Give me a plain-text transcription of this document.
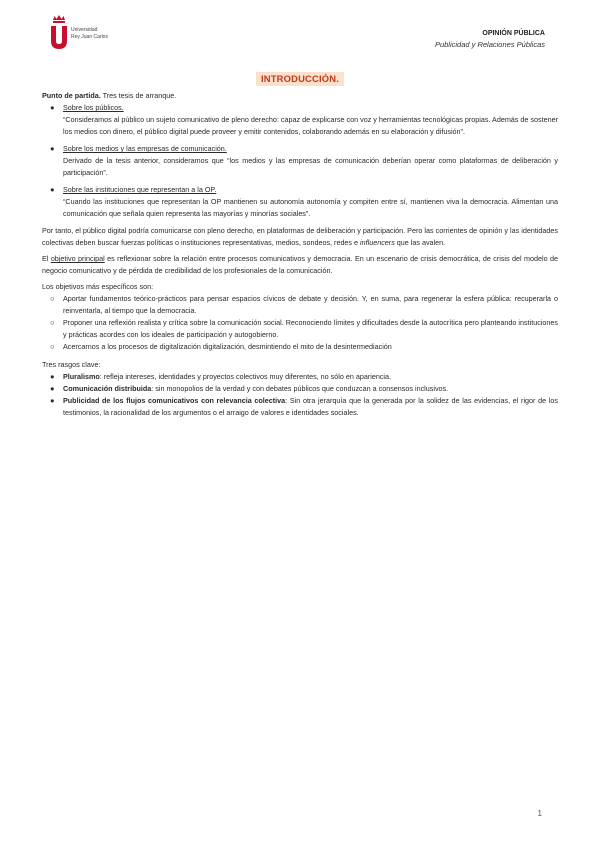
Universidad
Rey Juan Carlos	OPINIÓN PÚBLICA
Publicidad y Relaciones Públicas
INTRODUCCIÓN.

Punto de partida. Tres tesis de arranque.

● Sobre los públicos.
“Consideramos al público un sujeto comunicativo de pleno derecho: capaz de explicarse con voz y herramientas tecnológicas propias. Además de sostener los medios con dinero, el público digital puede proveer y emitir contenidos, colaborando además en su elaboración y difusión”.
● Sobre los medios y las empresas de comunicación.
Derivado de la tesis anterior, consideramos que “los medios y las empresas de comunicación deberían operar como plataformas de deliberación y participación”.
● Sobre las instituciones que representan a la OP.
“Cuando las instituciones que representan la OP mantienen su autonomía autonomía y compiten entre sí, mantienen viva la democracia. Alimentan una comunicación que señala quien representa las mayorías y minorías sociales”.

Por tanto, el público digital podría comunicarse con pleno derecho, en plataformas de deliberación y participación. Pero las corrientes de opinión y las identidades colectivas deben buscar fuerzas políticas o instituciones representativas, medios, sondeos, redes e influencers que las avalen.

El objetivo principal es reflexionar sobre la relación entre procesos comunicativos y democracia. En un escenario de crisis democrática, de crisis del modelo de negocio comunicativo y de pérdida de credibilidad de los profesionales de la comunicación.

Los objetivos más específicos son:

○ Aportar fundamentos teórico-prácticos para pensar espacios cívicos de debate y decisión. Y, en suma, para regenerar la esfera pública: recuperarla o reinventarla, al tiempo que la democracia.
○ Proponer una reflexión realista y crítica sobre la comunicación social. Reconociendo límites y dificultades desde la autocrítica pero planteando instituciones y prácticas acordes con los ideales de participación y autogobierno.
○ Acercarnos a los procesos de digitalización digitalización, desmintiendo el mito de la desintermediación

Tres rasgos clave:

● Pluralismo: refleja intereses, identidades y proyectos colectivos muy diferentes, no sólo en apariencia.
● Comunicación distribuida: sin monopolios de la verdad y con debates públicos que conduzcan a consensos inclusivos.
● Publicidad de los flujos comunicativos con relevancia colectiva: Sin otra jerarquía que la generada por la solidez de las evidencias, el rigor de los testimonios, la racionalidad de los argumentos o el arraigo de valores e identidades sociales.
1
